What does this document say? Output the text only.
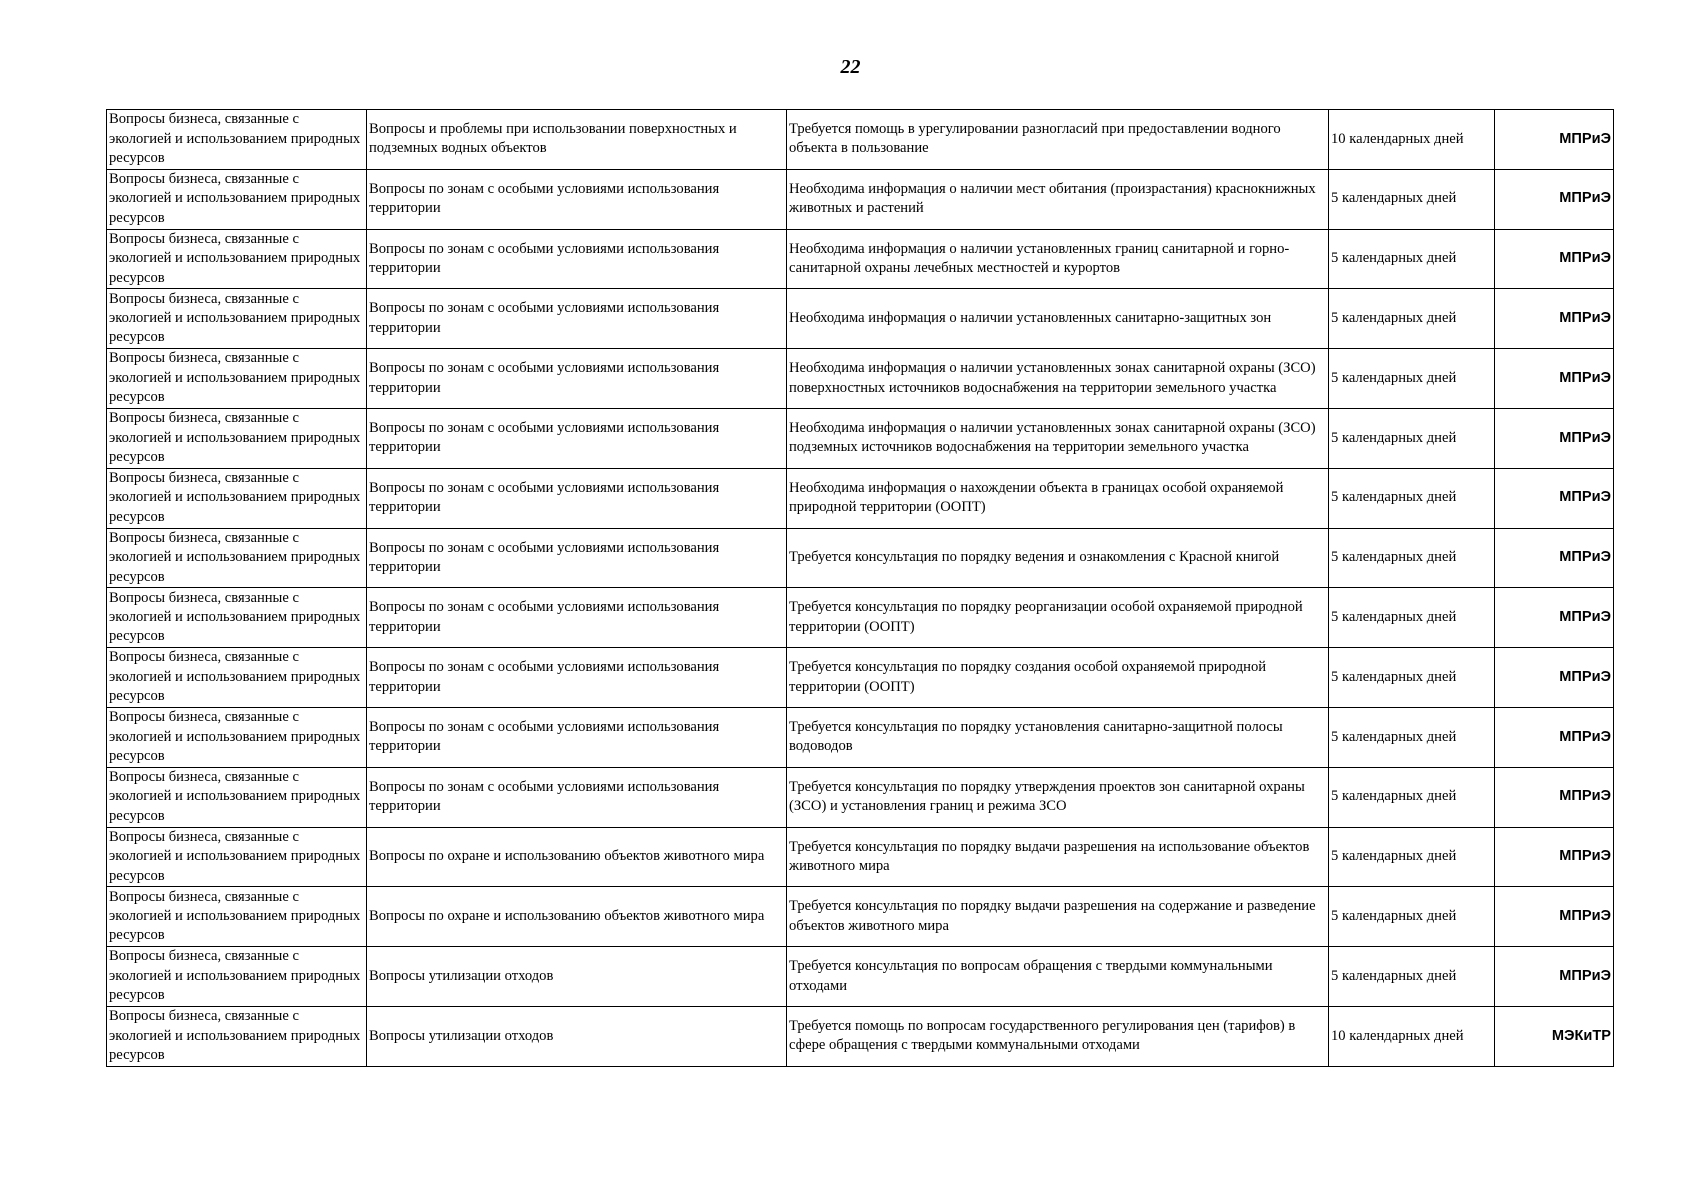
22
Вопросы бизнеса, связанные с экологией и использованием природных ресурсов	Вопросы и проблемы при использовании поверхностных и подземных водных объектов	Требуется помощь в урегулировании разногласий при предоставлении водного объекта в пользование	10 календарных дней	МПРиЭ
Вопросы бизнеса, связанные с экологией и использованием природных ресурсов	Вопросы по зонам с особыми условиями использования территории	Необходима информация о наличии мест обитания (произрастания) краснокнижных животных и растений	5 календарных дней	МПРиЭ
Вопросы бизнеса, связанные с экологией и использованием природных ресурсов	Вопросы по зонам с особыми условиями использования территории	Необходима информация о наличии установленных границ санитарной и горно-санитарной охраны лечебных местностей и курортов	5 календарных дней	МПРиЭ
Вопросы бизнеса, связанные с экологией и использованием природных ресурсов	Вопросы по зонам с особыми условиями использования территории	Необходима информация о наличии установленных санитарно-защитных зон	5 календарных дней	МПРиЭ
Вопросы бизнеса, связанные с экологией и использованием природных ресурсов	Вопросы по зонам с особыми условиями использования территории	Необходима информация о наличии установленных зонах санитарной охраны (ЗСО) поверхностных источников водоснабжения на территории земельного участка	5 календарных дней	МПРиЭ
Вопросы бизнеса, связанные с экологией и использованием природных ресурсов	Вопросы по зонам с особыми условиями использования территории	Необходима информация о наличии установленных зонах санитарной охраны (ЗСО) подземных источников водоснабжения на территории земельного участка	5 календарных дней	МПРиЭ
Вопросы бизнеса, связанные с экологией и использованием природных ресурсов	Вопросы по зонам с особыми условиями использования территории	Необходима информация о нахождении объекта в границах особой охраняемой природной территории (ООПТ)	5 календарных дней	МПРиЭ
Вопросы бизнеса, связанные с экологией и использованием природных ресурсов	Вопросы по зонам с особыми условиями использования территории	Требуется консультация по порядку ведения и ознакомления с Красной книгой	5 календарных дней	МПРиЭ
Вопросы бизнеса, связанные с экологией и использованием природных ресурсов	Вопросы по зонам с особыми условиями использования территории	Требуется консультация по порядку реорганизации особой охраняемой природной территории (ООПТ)	5 календарных дней	МПРиЭ
Вопросы бизнеса, связанные с экологией и использованием природных ресурсов	Вопросы по зонам с особыми условиями использования территории	Требуется консультация по порядку создания особой охраняемой природной территории (ООПТ)	5 календарных дней	МПРиЭ
Вопросы бизнеса, связанные с экологией и использованием природных ресурсов	Вопросы по зонам с особыми условиями использования территории	Требуется консультация по порядку установления санитарно-защитной полосы водоводов	5 календарных дней	МПРиЭ
Вопросы бизнеса, связанные с экологией и использованием природных ресурсов	Вопросы по зонам с особыми условиями использования территории	Требуется консультация по порядку утверждения проектов зон санитарной охраны (ЗСО) и установления границ и режима ЗСО	5 календарных дней	МПРиЭ
Вопросы бизнеса, связанные с экологией и использованием природных ресурсов	Вопросы по охране и использованию объектов животного мира	Требуется консультация по порядку выдачи разрешения на использование объектов животного мира	5 календарных дней	МПРиЭ
Вопросы бизнеса, связанные с экологией и использованием природных ресурсов	Вопросы по охране и использованию объектов животного мира	Требуется консультация по порядку выдачи разрешения на содержание и разведение объектов животного мира	5 календарных дней	МПРиЭ
Вопросы бизнеса, связанные с экологией и использованием природных ресурсов	Вопросы утилизации отходов	Требуется консультация по вопросам обращения с твердыми коммунальными отходами	5 календарных дней	МПРиЭ
Вопросы бизнеса, связанные с экологией и использованием природных ресурсов	Вопросы утилизации отходов	Требуется помощь по вопросам государственного регулирования цен (тарифов) в сфере обращения с твердыми коммунальными отходами	10 календарных дней	МЭКиТР
